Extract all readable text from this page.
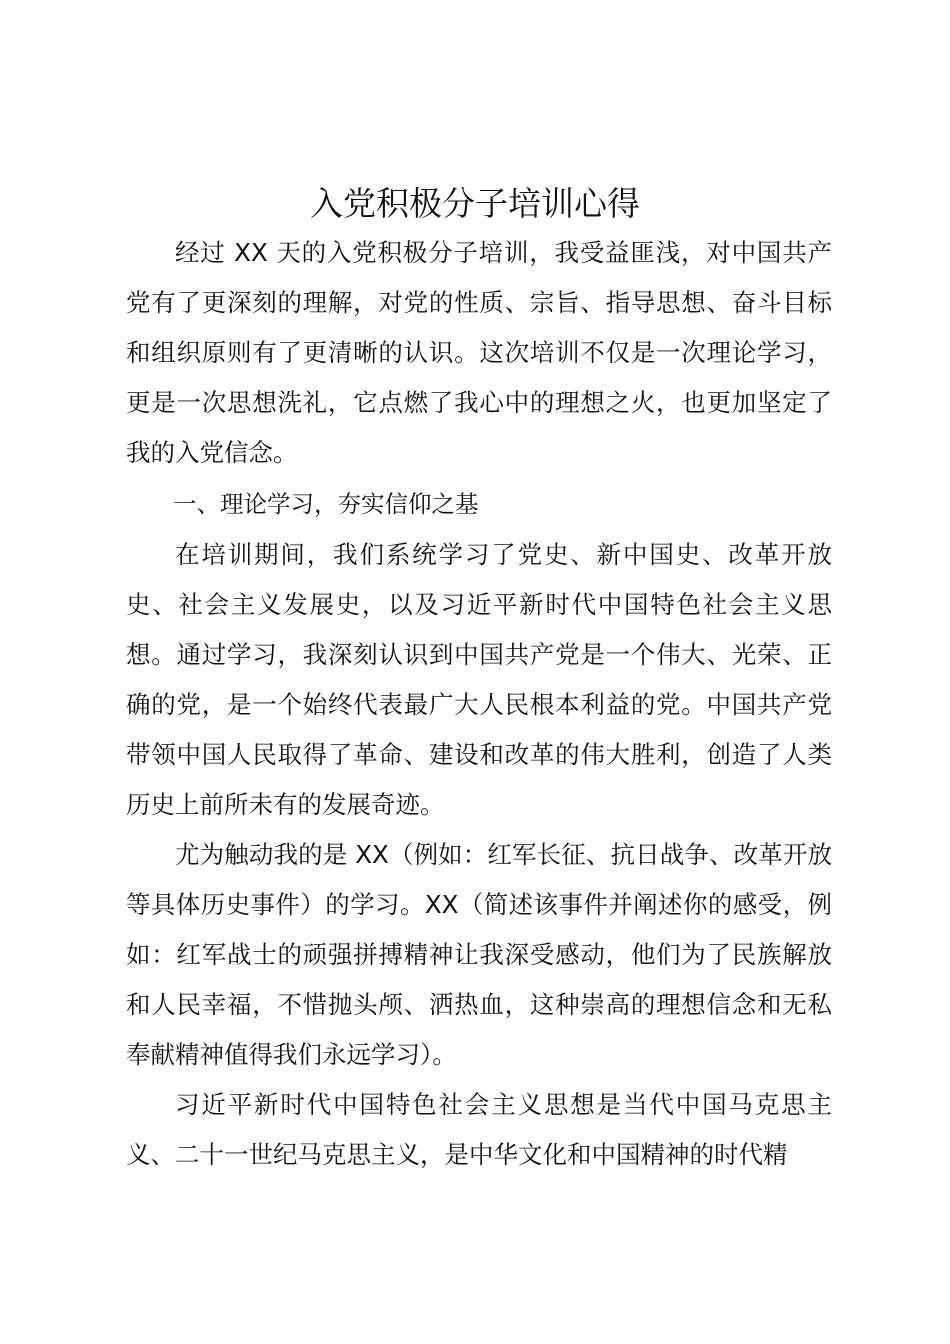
入党积极分子培训心得

经过 XX 天的入党积极分子培训，我受益匪浅，对中国共产党有了更深刻的理解，对党的性质、宗旨、指导思想、奋斗目标和组织原则有了更清晰的认识。这次培训不仅是一次理论学习，更是一次思想洗礼，它点燃了我心中的理想之火，也更加坚定了我的入党信念。

一、理论学习，夯实信仰之基

在培训期间，我们系统学习了党史、新中国史、改革开放史、社会主义发展史，以及习近平新时代中国特色社会主义思想。通过学习，我深刻认识到中国共产党是一个伟大、光荣、正确的党，是一个始终代表最广大人民根本利益的党。中国共产党带领中国人民取得了革命、建设和改革的伟大胜利，创造了人类历史上前所未有的发展奇迹。

尤为触动我的是 XX（例如：红军长征、抗日战争、改革开放等具体历史事件）的学习。XX（简述该事件并阐述你的感受，例如：红军战士的顽强拼搏精神让我深受感动，他们为了民族解放和人民幸福，不惜抛头颅、洒热血，这种崇高的理想信念和无私奉献精神值得我们永远学习）。

习近平新时代中国特色社会主义思想是当代中国马克思主义、二十一世纪马克思主义，是中华文化和中国精神的时代精
